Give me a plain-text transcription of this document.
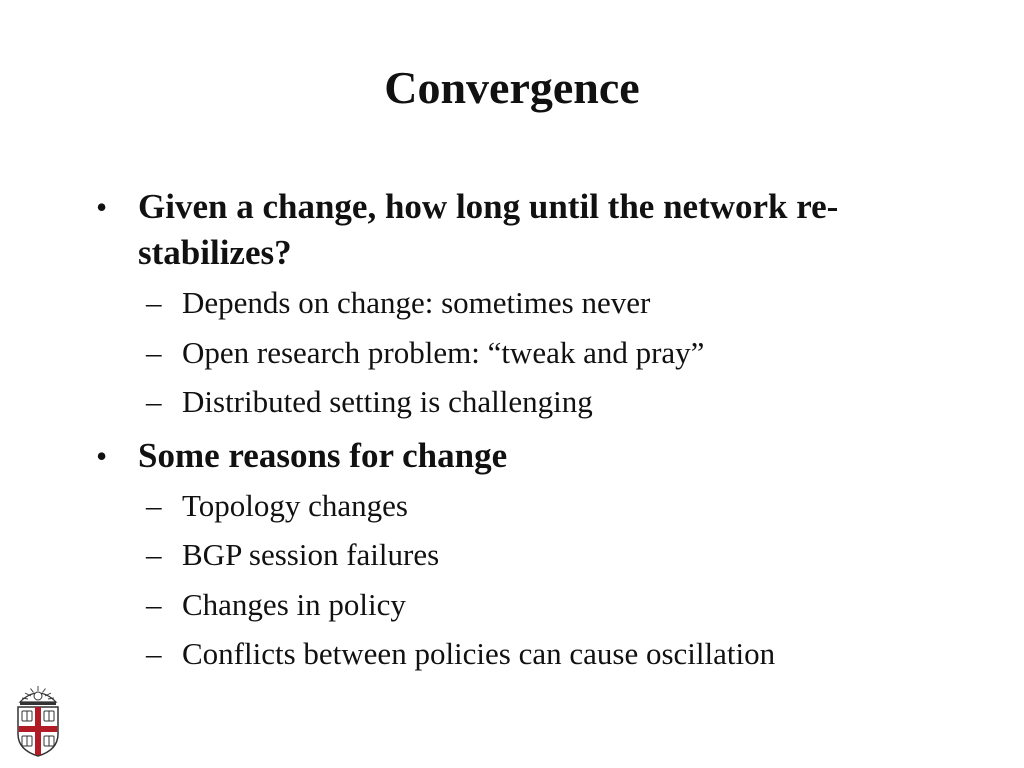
Convergence
• Given a change, how long until the network re-stabilizes?
– Depends on change: sometimes never
– Open research problem: “tweak and pray”
– Distributed setting is challenging
• Some reasons for change
– Topology changes
– BGP session failures
– Changes in policy
– Conflicts between policies can cause oscillation
